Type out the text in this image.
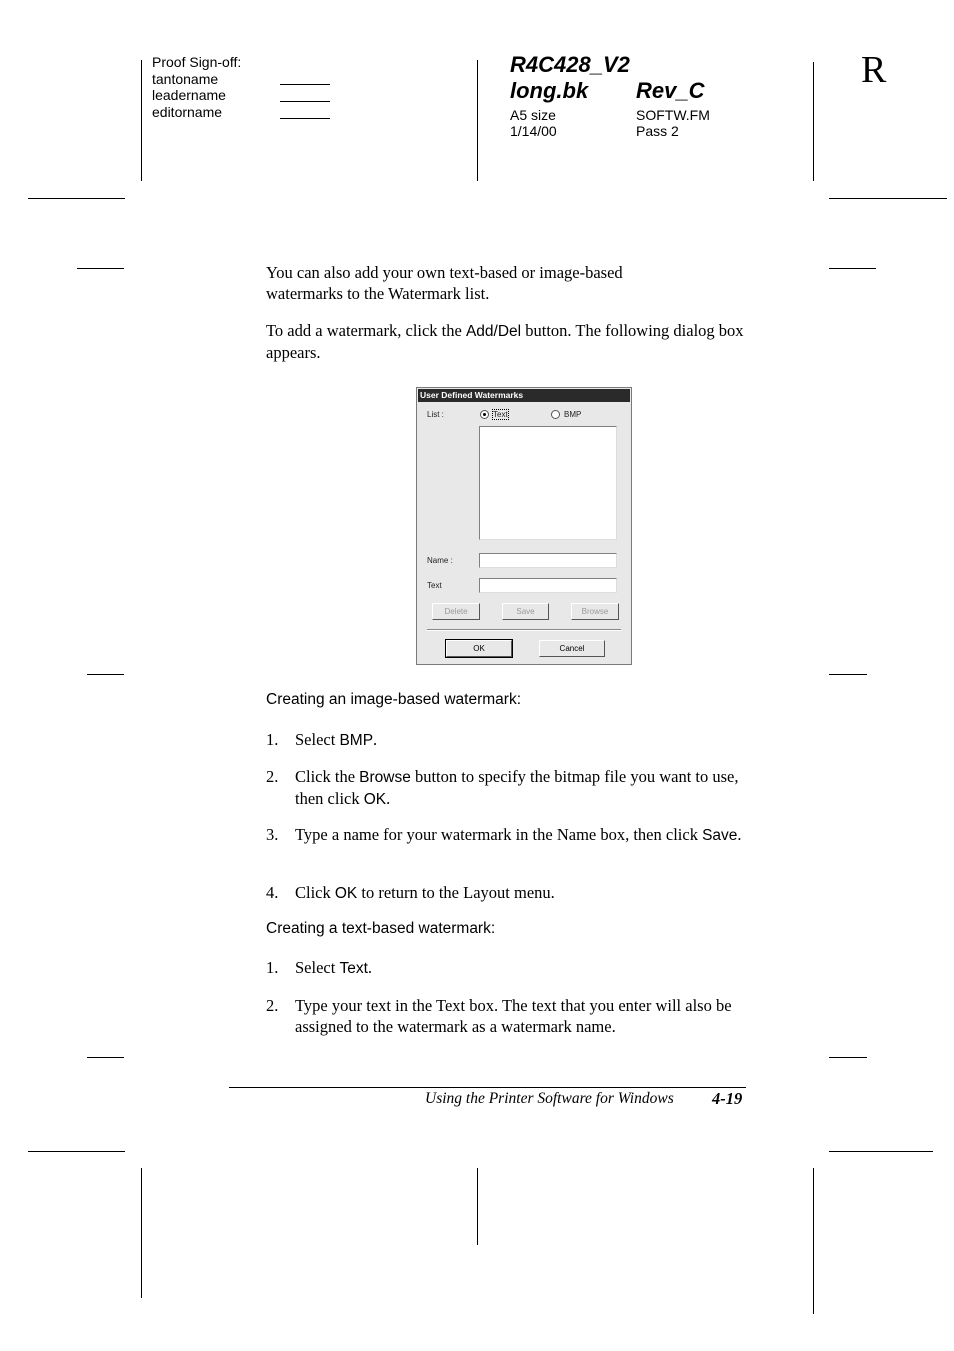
Proof Sign-off:
tantoname
leadername
editorname
R4C428_V2
long.bk Rev_C
A5 size
1/14/00
SOFTW.FM
Pass 2
R
You can also add your own text-based or image-based watermarks to the Watermark list.
To add a watermark, click the Add/Del button. The following dialog box appears.
User Defined Watermarks
List :	Text	BMP
Name :
Text
Delete	Save	Browse
OK	Cancel
Creating an image-based watermark:
1. Select BMP.
2. Click the Browse button to specify the bitmap file you want to use, then click OK.
3. Type a name for your watermark in the Name box, then click Save.
4. Click OK to return to the Layout menu.
Creating a text-based watermark:
1. Select Text.
2. Type your text in the Text box. The text that you enter will also be assigned to the watermark as a watermark name.
Using the Printer Software for Windows 4-19
